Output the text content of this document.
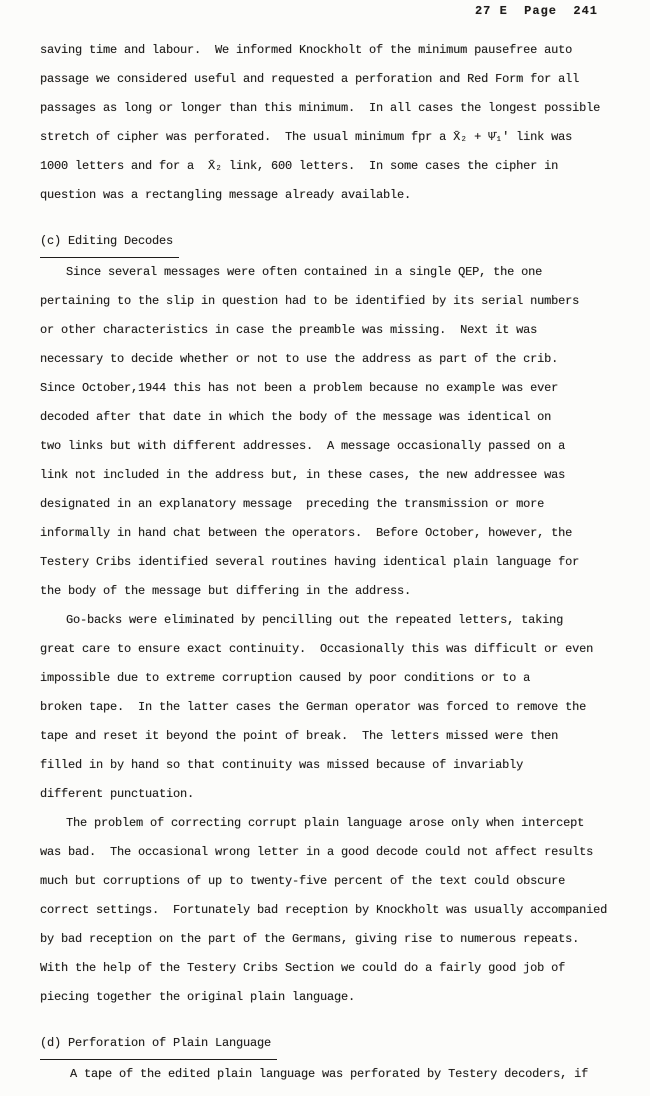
27 E  Page  241
saving time and labour.  We informed Knockholt of the minimum pausefree auto
passage we considered useful and requested a perforation and Red Form for all
passages as long or longer than this minimum.  In all cases the longest possible
stretch of cipher was perforated.  The usual minimum fpr a X̄₂ + Ψ̄₁′ link was
1000 letters and for a  X̄₂ link, 600 letters.  In some cases the cipher in
question was a rectangling message already available.
(c) Editing Decodes
Since several messages were often contained in a single QEP, the one
pertaining to the slip in question had to be identified by its serial numbers
or other characteristics in case the preamble was missing.  Next it was
necessary to decide whether or not to use the address as part of the crib.
Since October,1944 this has not been a problem because no example was ever
decoded after that date in which the body of the message was identical on
two links but with different addresses.  A message occasionally passed on a
link not included in the address but, in these cases, the new addressee was
designated in an explanatory message  preceding the transmission or more
informally in hand chat between the operators.  Before October, however, the
Testery Cribs identified several routines having identical plain language for
the body of the message but differing in the address.
Go-backs were eliminated by pencilling out the repeated letters, taking
great care to ensure exact continuity.  Occasionally this was difficult or even
impossible due to extreme corruption caused by poor conditions or to a
broken tape.  In the latter cases the German operator was forced to remove the
tape and reset it beyond the point of break.  The letters missed were then
filled in by hand so that continuity was missed because of invariably
different punctuation.
The problem of correcting corrupt plain language arose only when intercept
was bad.  The occasional wrong letter in a good decode could not affect results
much but corruptions of up to twenty-five percent of the text could obscure
correct settings.  Fortunately bad reception by Knockholt was usually accompanied
by bad reception on the part of the Germans, giving rise to numerous repeats.
With the help of the Testery Cribs Section we could do a fairly good job of
piecing together the original plain language.
(d) Perforation of Plain Language
A tape of the edited plain language was perforated by Testery decoders, if
